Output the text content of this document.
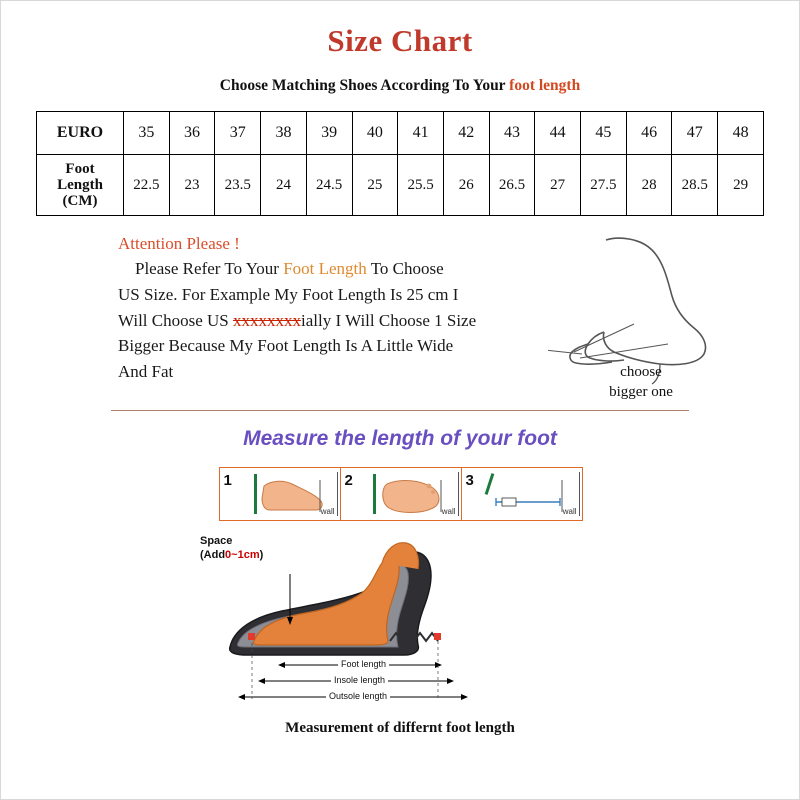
Size Chart
Choose Matching Shoes According To Your foot length
EURO	35	36	37	38	39	40	41	42	43	44	45	46	47	48

Foot
Length
(CM)	22.5	23	23.5	24	24.5	25	25.5	26	26.5	27	27.5	28	28.5	29
Attention Please !
Please Refer To Your Foot Length To Choose
US Size. For Example My Foot Length Is 25 cm I
Will Choose US xxxxxxxxially I Will Choose 1 Size
Bigger Because My Foot Length Is A Little Wide
And Fat	choose
bigger one
Measure the length of your foot
1
wall
2
wall
3
wall
Space
(Add0~1cm)
Foot length
Insole length
Outsole length
Measurement of differnt foot length
